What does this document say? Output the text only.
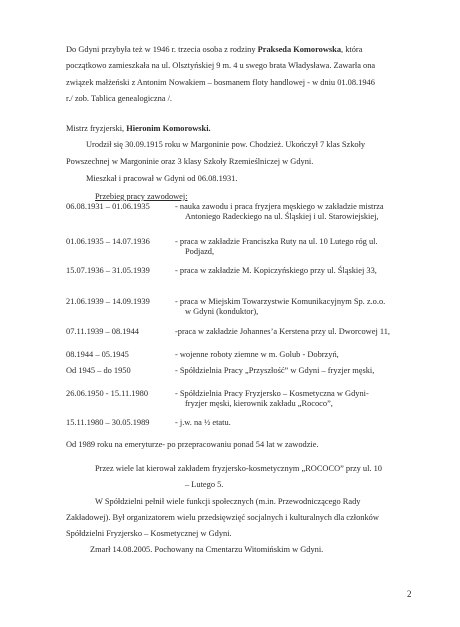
Do Gdyni przybyła też w 1946 r. trzecia osoba z rodziny Prakseda Komorowska, która
początkowo zamieszkała na ul. Olsztyńskiej 9 m. 4 u swego brata Władysława. Zawarła ona
związek małżeński z Antonim Nowakiem – bosmanem floty handlowej - w dniu 01.08.1946
r./ zob. Tablica genealogiczna /.
Mistrz fryzjerski, Hieronim Komorowski.
Urodził się 30.09.1915 roku w Margoninie pow. Chodzież. Ukończył 7 klas Szkoły
Powszechnej w Margoninie oraz 3 klasy Szkoły Rzemieślniczej w Gdyni.
Mieszkał i pracował w Gdyni od 06.08.1931.
Przebieg pracy zawodowej:
06.08.1931 – 01.06.1935	- nauka zawodu i praca fryzjera męskiego w zakładzie mistrza
Antoniego Radeckiego na ul. Śląskiej i ul. Starowiejskiej,
01.06.1935 – 14.07.1936	- praca w zakładzie Franciszka Ruty na ul. 10 Lutego róg ul.
Podjazd,
15.07.1936 – 31.05.1939	- praca w zakładzie M. Kopiczyńskiego przy ul. Śląskiej 33,
21.06.1939 – 14.09.1939	- praca w Miejskim Towarzystwie Komunikacyjnym Sp. z.o.o.
w Gdyni (konduktor),
07.11.1939 – 08.1944	-praca w zakładzie Johannes’a Kerstena przy ul. Dworcowej 11,
08.1944 – 05.1945	- wojenne roboty ziemne w m. Golub - Dobrzyń,
Od 1945 – do 1950	- Spółdzielnia Pracy „Przyszłość” w Gdyni – fryzjer męski,
26.06.1950 - 15.11.1980	- Spółdzielnia Pracy Fryzjersko – Kosmetyczna w Gdyni-
fryzjer męski, kierownik zakładu „Rococo”,
15.11.1980 – 30.05.1989	- j.w. na ½ etatu.
Od 1989 roku na emeryturze- po przepracowaniu ponad 54 lat w zawodzie.
Przez wiele lat kierował zakładem fryzjersko-kosmetycznym „ROCOCO” przy ul. 10
– Lutego 5.
W Spółdzielni pełnił wiele funkcji społecznych (m.in. Przewodniczącego Rady
Zakładowej). Był organizatorem wielu przedsięwzięć socjalnych i kulturalnych dla członków
Spółdzielni Fryzjersko – Kosmetycznej w Gdyni.
Zmarł 14.08.2005. Pochowany na Cmentarzu Witomińskim w Gdyni.
2
